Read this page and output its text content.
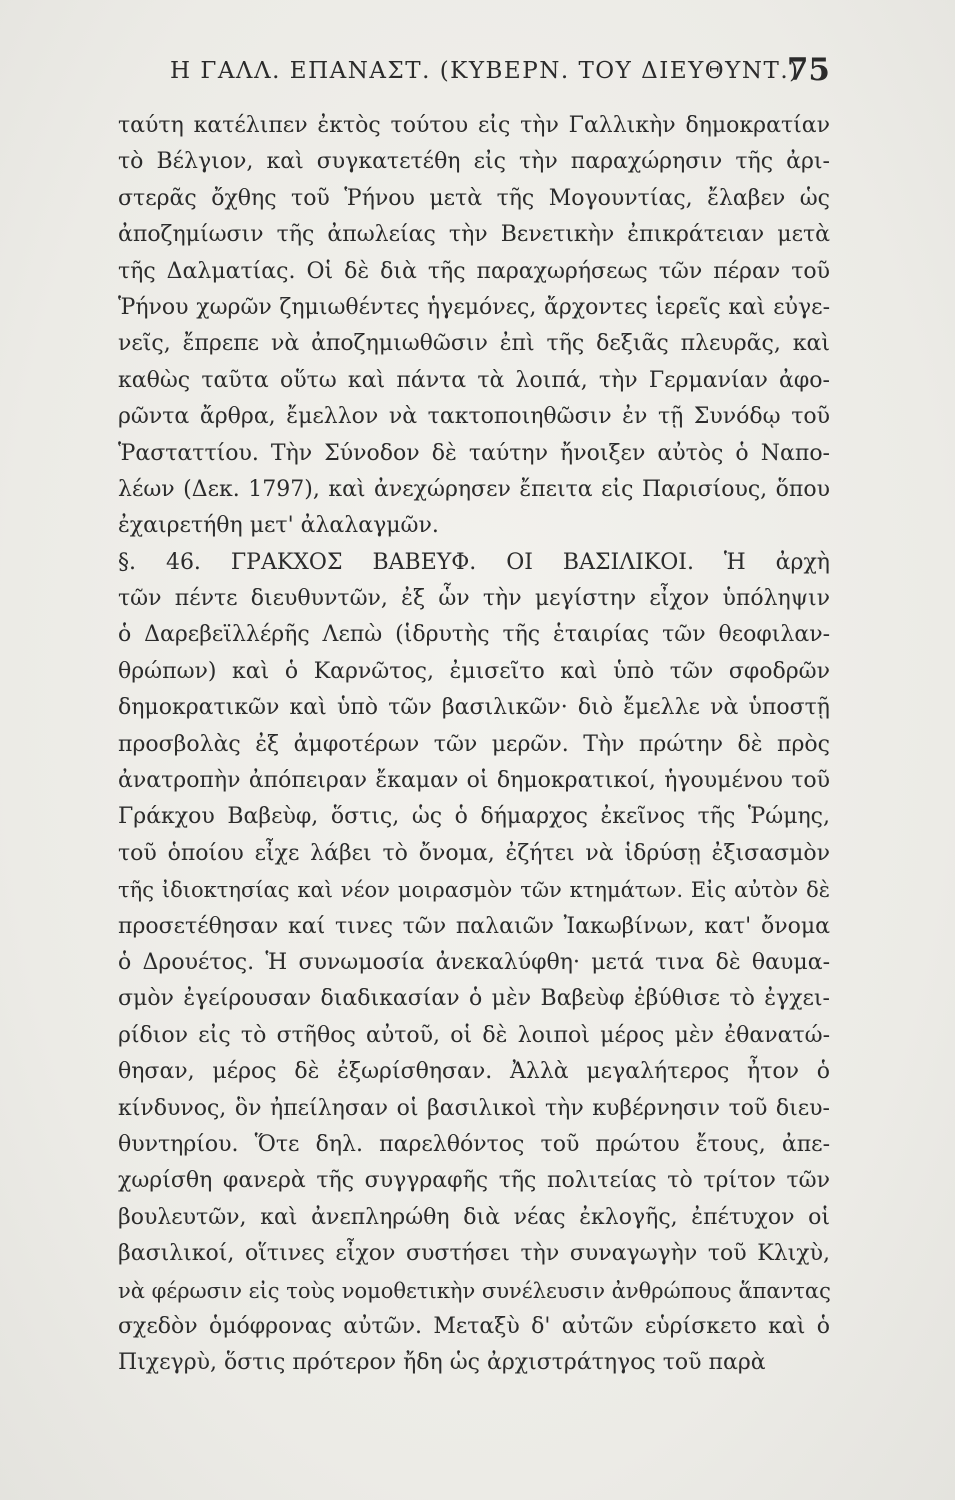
Η ΓΑΛΛ. ΕΠΑΝΑΣΤ. (ΚΥΒΕΡΝ. ΤΟΥ ΔΙΕΥΘΥΝΤ.)
75
ταύτη κατέλιπεν ἐκτὸς τούτου εἰς τὴν Γαλλικὴν δημοκρατίαν
τὸ Βέλγιον, καὶ συγκατετέθη εἰς τὴν παραχώρησιν τῆς ἀρι-
στερᾶς ὄχθης τοῦ Ῥήνου μετὰ τῆς Μογουντίας, ἔλαβεν ὡς
ἀποζημίωσιν τῆς ἀπωλείας τὴν Βενετικὴν ἐπικράτειαν μετὰ
τῆς Δαλματίας. Οἱ δὲ διὰ τῆς παραχωρήσεως τῶν πέραν τοῦ
Ῥήνου χωρῶν ζημιωθέντες ἡγεμόνες, ἄρχοντες ἱερεῖς καὶ εὐγε-
νεῖς, ἔπρεπε νὰ ἀποζημιωθῶσιν ἐπὶ τῆς δεξιᾶς πλευρᾶς, καὶ
καθὼς ταῦτα οὕτω καὶ πάντα τὰ λοιπά, τὴν Γερμανίαν ἀφο-
ρῶντα ἄρθρα, ἔμελλον νὰ τακτοποιηθῶσιν ἐν τῇ Συνόδῳ τοῦ
Ῥασταττίου. Τὴν Σύνοδον δὲ ταύτην ἤνοιξεν αὐτὸς ὁ Ναπο-
λέων (Δεκ. 1797), καὶ ἀνεχώρησεν ἔπειτα εἰς Παρισίους, ὅπου
ἐχαιρετήθη μετ' ἀλαλαγμῶν.
§. 46. ΓΡΑΚΧΟΣ ΒΑΒΕΥΦ. ΟΙ ΒΑΣΙΛΙΚΟΙ. Ἡ ἀρχὴ
τῶν πέντε διευθυντῶν, ἐξ ὧν τὴν μεγίστην εἶχον ὑπόληψιν
ὁ Δαρεβεϊλλέρῆς Λεπὼ (ἱδρυτὴς τῆς ἑταιρίας τῶν θεοφιλαν-
θρώπων) καὶ ὁ Καρνῶτος, ἐμισεῖτο καὶ ὑπὸ τῶν σφοδρῶν
δημοκρατικῶν καὶ ὑπὸ τῶν βασιλικῶν· διὸ ἔμελλε νὰ ὑποστῇ
προσβολὰς ἐξ ἀμφοτέρων τῶν μερῶν. Τὴν πρώτην δὲ πρὸς
ἀνατροπὴν ἀπόπειραν ἔκαμαν οἱ δημοκρατικοί, ἡγουμένου τοῦ
Γράκχου Βαβεὺφ, ὅστις, ὡς ὁ δήμαρχος ἐκεῖνος τῆς Ῥώμης,
τοῦ ὁποίου εἶχε λάβει τὸ ὄνομα, ἐζήτει νὰ ἱδρύσῃ ἐξισασμὸν
τῆς ἰδιοκτησίας καὶ νέον μοιρασμὸν τῶν κτημάτων. Εἰς αὐτὸν δὲ
προσετέθησαν καί τινες τῶν παλαιῶν Ἰακωβίνων, κατ' ὄνομα
ὁ Δρουέτος. Ἡ συνωμοσία ἀνεκαλύφθη· μετά τινα δὲ θαυμα-
σμὸν ἐγείρουσαν διαδικασίαν ὁ μὲν Βαβεὺφ ἐβύθισε τὸ ἐγχει-
ρίδιον εἰς τὸ στῆθος αὐτοῦ, οἱ δὲ λοιποὶ μέρος μὲν ἐθανατώ-
θησαν, μέρος δὲ ἐξωρίσθησαν. Ἀλλὰ μεγαλήτερος ἦτον ὁ
κίνδυνος, ὃν ἠπείλησαν οἱ βασιλικοὶ τὴν κυβέρνησιν τοῦ διευ-
θυντηρίου. Ὅτε δηλ. παρελθόντος τοῦ πρώτου ἔτους, ἀπε-
χωρίσθη φανερὰ τῆς συγγραφῆς τῆς πολιτείας τὸ τρίτον τῶν
βουλευτῶν, καὶ ἀνεπληρώθη διὰ νέας ἐκλογῆς, ἐπέτυχον οἱ
βασιλικοί, οἵτινες εἶχον συστήσει τὴν συναγωγὴν τοῦ Κλιχὺ,
νὰ φέρωσιν εἰς τοὺς νομοθετικὴν συνέλευσιν ἀνθρώπους ἅπαντας
σχεδὸν ὁμόφρονας αὐτῶν. Μεταξὺ δ' αὐτῶν εὑρίσκετο καὶ ὁ
Πιχεγρὺ, ὅστις πρότερον ἤδη ὡς ἀρχιστράτηγος τοῦ παρὰ
